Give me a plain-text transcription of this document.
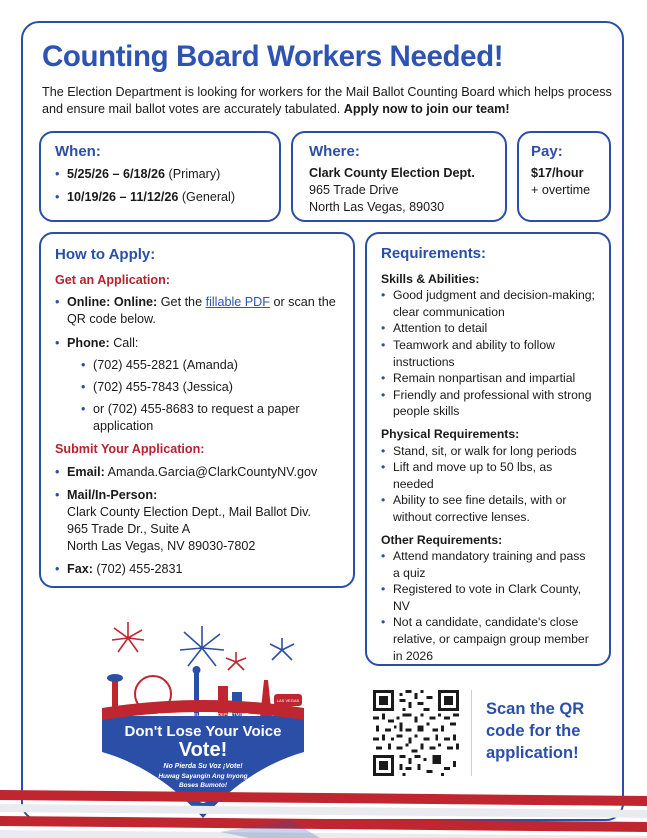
Counting Board Workers Needed!
The Election Department is looking for workers for the Mail Ballot Counting Board which helps process and ensure mail ballot votes are accurately tabulated. Apply now to join our team!
When:
• 5/25/26 – 6/18/26 (Primary)
• 10/19/26 – 11/12/26 (General)
Where:
Clark County Election Dept.
965 Trade Drive
North Las Vegas, 89030
Pay:
$17/hour
+ overtime
How to Apply:
Get an Application:
• Online: Online: Get the fillable PDF or scan the QR code below.
• Phone: Call:
• (702) 455-2821 (Amanda)
• (702) 455-7843 (Jessica)
• or (702) 455-8683 to request a paper application
Submit Your Application:
• Email: Amanda.Garcia@ClarkCountyNV.gov
• Mail/In-Person:
Clark County Election Dept., Mail Ballot Div.
965 Trade Dr., Suite A
North Las Vegas, NV 89030-7802
• Fax: (702) 455-2831
Requirements:
Skills & Abilities:
• Good judgment and decision-making; clear communication
• Attention to detail
• Teamwork and ability to follow instructions
• Remain nonpartisan and impartial
• Friendly and professional with strong people skills
Physical Requirements:
• Stand, sit, or walk for long periods
• Lift and move up to 50 lbs, as needed
• Ability to see fine details, with or without corrective lenses.
Other Requirements:
• Attend mandatory training and pass a quiz
• Registered to vote in Clark County, NV
• Not a candidate, candidate's close relative, or campaign group member in 2026
CLARK COUNTY ELECTION DEPARTMENT
LAS VEGAS
Don't Lose Your Voice
Vote!
No Pierda Su Voz ¡Vote!
Huwag Sayangin Ang Inyong
Boses Bumoto!
Scan the QR code for the application!
